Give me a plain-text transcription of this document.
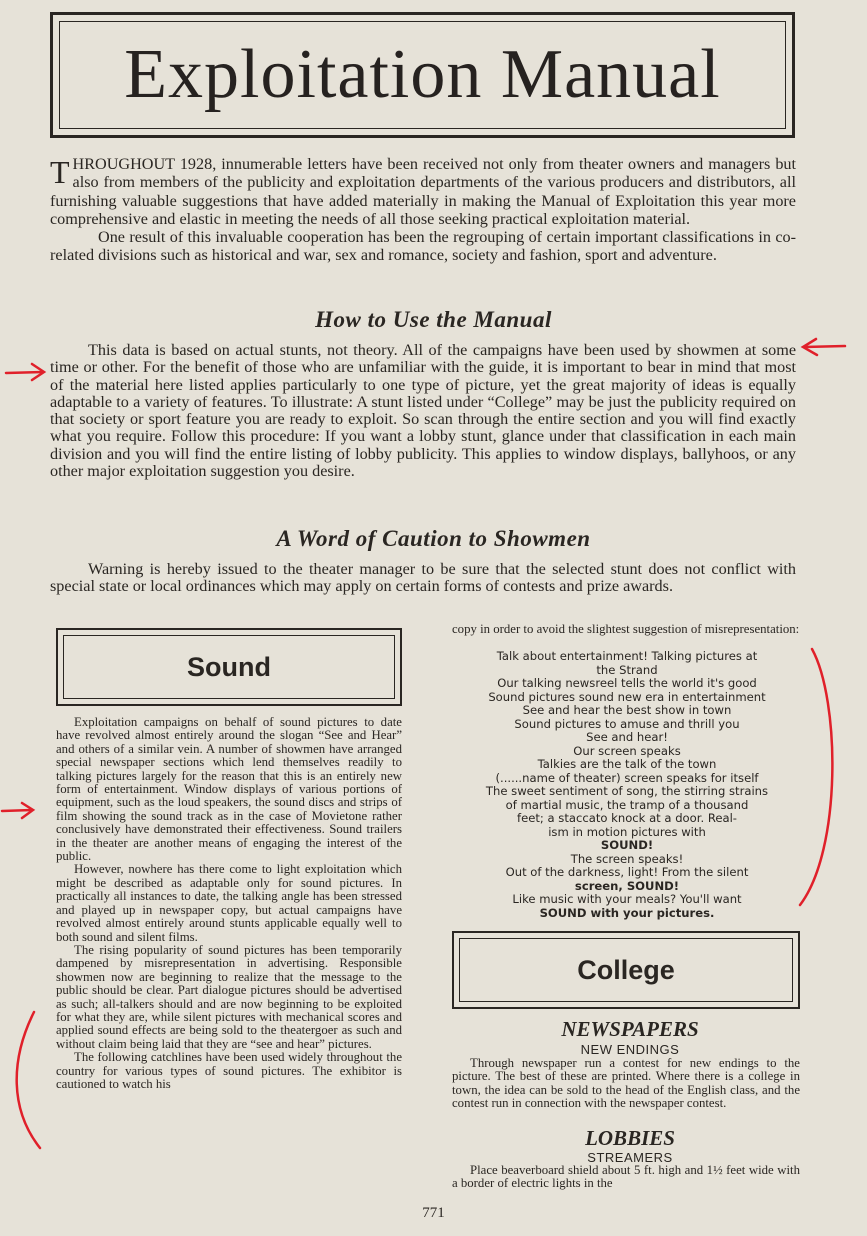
Exploitation Manual

THROUGHOUT 1928, innumerable letters have been received not only from theater owners and managers but also from members of the publicity and exploitation departments of the various producers and distributors, all furnishing valuable suggestions that have added materially in making the Manual of Exploitation this year more comprehensive and elastic in meeting the needs of all those seeking practical exploitation material.

One result of this invaluable cooperation has been the regrouping of certain important classifications in co-related divisions such as historical and war, sex and romance, society and fashion, sport and adventure.

How to Use the Manual

This data is based on actual stunts, not theory. All of the campaigns have been used by showmen at some time or other. For the benefit of those who are unfamiliar with the guide, it is important to bear in mind that most of the material here listed applies particularly to one type of picture, yet the great majority of ideas is equally adaptable to a variety of features. To illustrate: A stunt listed under “College” may be just the publicity required on that society or sport feature you are ready to exploit. So scan through the entire section and you will find exactly what you require. Follow this procedure: If you want a lobby stunt, glance under that classification in each main division and you will find the entire listing of lobby publicity. This applies to window displays, ballyhoos, or any other major exploitation suggestion you desire.

A Word of Caution to Showmen

Warning is hereby issued to the theater manager to be sure that the selected stunt does not conflict with special state or local ordinances which may apply on certain forms of contests and prize awards.

Sound

Exploitation campaigns on behalf of sound pictures to date have revolved almost entirely around the slogan “See and Hear” and others of a similar vein. A number of showmen have arranged special newspaper sections which lend themselves readily to talking pictures largely for the reason that this is an entirely new form of entertainment. Window displays of various portions of equipment, such as the loud speakers, the sound discs and strips of film showing the sound track as in the case of Movietone rather conclusively have demonstrated their effectiveness. Sound trailers in the theater are another means of engaging the interest of the public.

However, nowhere has there come to light exploitation which might be described as adaptable only for sound pictures. In practically all instances to date, the talking angle has been stressed and played up in newspaper copy, but actual campaigns have revolved almost entirely around stunts applicable equally well to both sound and silent films.

The rising popularity of sound pictures has been temporarily dampened by misrepresentation in advertising. Responsible showmen now are beginning to realize that the message to the public should be clear. Part dialogue pictures should be advertised as such; all-talkers should and are now beginning to be exploited for what they are, while silent pictures with mechanical scores and applied sound effects are being sold to the theatergoer as such and without claim being laid that they are “see and hear” pictures.

The following catchlines have been used widely throughout the country for various types of sound pictures. The exhibitor is cautioned to watch his

copy in order to avoid the slightest suggestion of misrepresentation:

Talk about entertainment! Talking pictures at
the Strand
Our talking newsreel tells the world it's good
Sound pictures sound new era in entertainment
See and hear the best show in town
Sound pictures to amuse and thrill you
See and hear!
Our screen speaks
Talkies are the talk of the town
(......name of theater) screen speaks for itself
The sweet sentiment of song, the stirring strains
of martial music, the tramp of a thousand
feet; a staccato knock at a door. Real-
ism in motion pictures with
SOUND!
The screen speaks!
Out of the darkness, light! From the silent
screen, SOUND!
Like music with your meals? You'll want
SOUND with your pictures.
College
NEWSPAPERS
NEW ENDINGS

Through newspaper run a contest for new endings to the picture. The best of these are printed. Where there is a college in town, the idea can be sold to the head of the English class, and the contest run in connection with the newspaper contest.

LOBBIES
STREAMERS

Place beaverboard shield about 5 ft. high and 1½ feet wide with a border of electric lights in the

771
